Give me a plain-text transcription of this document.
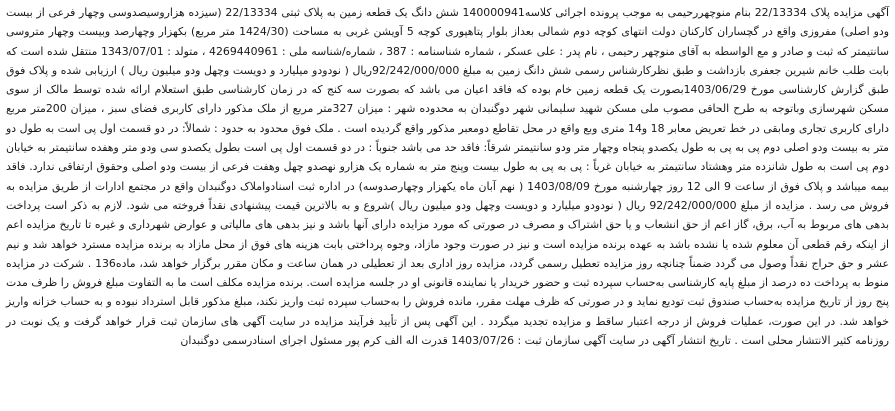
آگهی مزایده پلاک 22/13334 بنام منوچهررحیمی به موجب پرونده اجرائی کلاسه140000941 شش دانگ یک قطعه زمین به پلاک ثبتی 22/13334 (سیزده هزاروسیصدوسی وچهار فرعی از بیست ودو اصلی) مفروزی واقع در گچساران کارکنان دولت انتهای کوچه دوم شمالی بعداز بلوار پتاهپوری کوچه 5 آویشن غربی به مساحت (1424/30 متر مربع) بکهزار وچهارصد وبیست وچهار متروسی سانتیمتر که ثبت و صادر و مع الواسطه به آقای منوچهر رحیمی ، نام پدر : علی عسکر ، شماره شناسنامه : 387 ، شماره/شناسه ملی : 4269440961 ، متولد : 1343/07/01 منتقل شده است که بابت طلب خانم شیرین جعفری بازداشت و طبق نظرکارشناس رسمی شش دانگ زمین به مبلغ 92/242/000/000ریال ( نودودو میلیارد و دویست وچهل ودو میلیون ریال ) ارزیابی شده و پلاک فوق طبق گزارش کارشناسی مورخ 1403/06/29بصورت یک قطعه زمین خام بوده که فاقد اعیان می باشد که بصورت سه کنج که در زمان کارشناسی طبق استعلام ارائه شده توسط مالک از سوی مسکن شهرسازی وباتوجه به طرح الحاقی مصوب ملی مسکن شهید سلیمانی شهر دوگنبدان به محدوده شهر : میزان 327متر مربع از ملک مذکور دارای کاربری فضای سبز ، میزان 200متر مربع دارای کاربری تجاری ومابقی در خط تعریض معابر 18 و14 متری وبع واقع در محل تقاطع دومعبر مذکور واقع گردیده است . ملک فوق محدود به حدود : شمالاً: در دو قسمت اول پی است به طول دو متر به بیست ودو اصلی دوم پی به پی به طول یکصدو پنجاه وچهار متر ودو سانتیمتر شرقاً: فاقد حد می باشد جنوباً : در دو قسمت اول پی است بطول یکصدو سی ودو متر وهفده سانتیمتر به خیابان دوم پی است به طول شانزده متر وهشتاد سانتیمتر به خیابان غرباً : پی به پی به طول بیست وپنج متر به شماره یک هزارو نهصدو چهل وهفت فرعی از بیست ودو اصلی وحقوق ارتفاقی ندارد. فاقد بیمه میباشد و پلاک فوق از ساعت 9 الی 12 روز چهارشنبه مورخ 1403/08/09 ( نهم آبان ماه یکهزار وچهارصدوسه) در اداره ثبت اسنادواملاک دوگنبدان واقع در مجتمع ادارات از طریق مزایده به فروش می رسد . مزایده از مبلغ 92/242/000/000 ریال ( نودودو میلیارد و دویست وچهل ودو میلیون ریال )شروع و به بالاترین قیمت پیشنهادی نقداً فروخته می شود. لازم به ذکر است پرداخت بدهی های مربوط به آب، برق، گاز اعم از حق انشعاب و یا حق اشتراک و مصرف در صورتی که مورد مزایده دارای آنها باشد و نیز بدهی های مالیاتی و عوارض شهرداری و غیره تا تاریخ مزایده اعم از اینکه رقم قطعی آن معلوم شده یا نشده باشد به عهده برنده مزایده است و نیز در صورت وجود مازاد، وجوه پرداختی بابت هزینه های فوق از محل مازاد به برنده مزایده مسترد خواهد شد و نیم عشر و حق حراج نقداً وصول می گردد ضمناً چنانچه روز مزایده تعطیل رسمی گردد، مزایده روز اداری بعد از تعطیلی در همان ساعت و مکان مقرر برگزار خواهد شد، ماده136 . شرکت در مزایده منوط به پرداخت ده درصد از مبلغ پایه کارشناسی به‌حساب سپرده ثبت و حضور خریدار یا نماینده قانونی او در جلسه مزایده است. برنده مزایده مکلف است ما به التفاوت مبلغ فروش را ظرف مدت پنج روز از تاریخ مزایده به‌حساب صندوق ثبت تودیع نماید و در صورتی که ظرف مهلت مقرر، مانده فروش را به‌حساب سپرده ثبت واریز نکند، مبلغ مذکور قابل استرداد نبوده و به حساب خزانه واریز خواهد شد. در این صورت، عملیات فروش از درجه اعتبار ساقط و مزایده تجدید میگردد . این آگهی پس از تأیید فرآیند مزایده در سایت آگهی های سازمان ثبت قرار خواهد گرفت و یک نوبت در روزنامه کثیر الانتشار محلی است . تاریخ انتشار آگهی در سایت آگهی سازمان ثبت : 1403/07/26 قدرت اله الف کرم پور مسئول اجرای اسنادرسمی دوگنبدان
